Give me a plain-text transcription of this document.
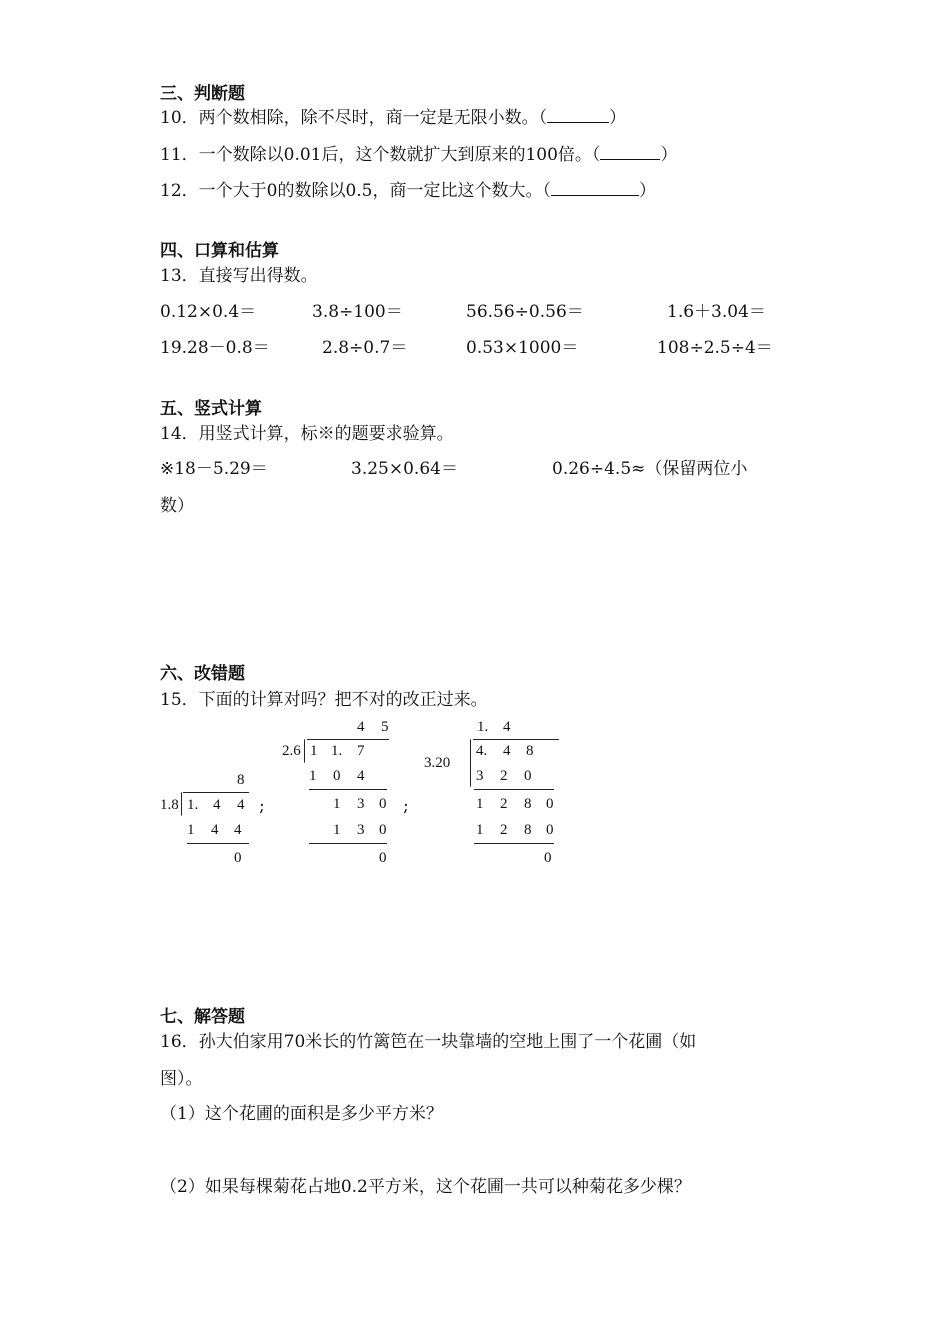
三、判断题
10．两个数相除，除不尽时，商一定是无限小数。（	）
11．一个数除以0.01后，这个数就扩大到原来的100倍。（	）
12．一个大于0的数除以0.5，商一定比这个数大。（	）
四、口算和估算
13．直接写出得数。
0.12×0.4＝	3.8÷100＝	56.56÷0.56＝	1.6＋3.04＝
19.28－0.8＝	2.8÷0.7＝	0.53×1000＝	108÷2.5÷4＝
五、竖式计算
14．用竖式计算，标※的题要求验算。
※18－5.29＝	3.25×0.64＝	0.26÷4.5≈（保留两位小
数）
六、改错题
15．下面的计算对吗？把不对的改正过来。
8
1.8 1. 4 4
1 4 4
0
;
4 5
2.6 1 1. 7
1 0 4
1 3 0
1 3 0
0
;
1. 4
3.20
4. 4 8
3 2 0
1 2 8 0
1 2 8 0
0
七、解答题
16．孙大伯家用70米长的竹篱笆在一块靠墙的空地上围了一个花圃（如
图）。
（1）这个花圃的面积是多少平方米？
（2）如果每棵菊花占地0.2平方米，这个花圃一共可以种菊花多少棵？
